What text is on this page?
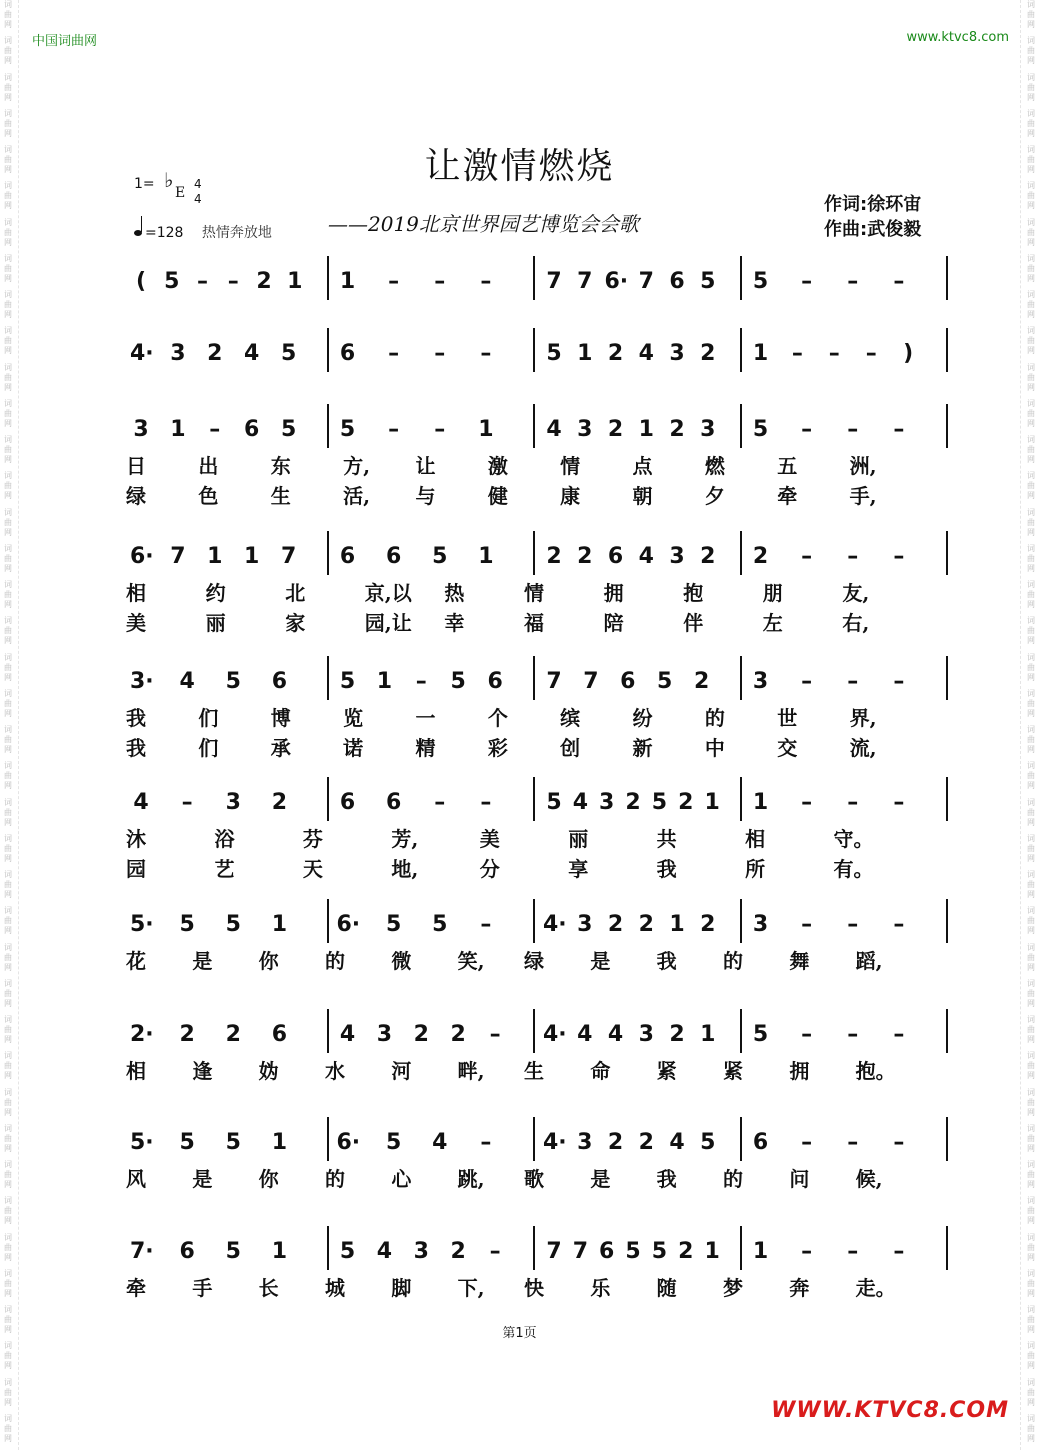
词
曲
网
词
曲
网
词
曲
网
词
曲
网
词
曲
网
词
曲
网
词
曲
网
词
曲
网
词
曲
网
词
曲
网
词
曲
网
词
曲
网
词
曲
网
词
曲
网
词
曲
网
词
曲
网
词
曲
网
词
曲
网
词
曲
网
词
曲
网
词
曲
网
词
曲
网
词
曲
网
词
曲
网
词
曲
网
词
曲
网
词
曲
网
词
曲
网
词
曲
网
词
曲
网
词
曲
网
词
曲
网
词
曲
网
词
曲
网
词
曲
网
词
曲
网
词
曲
网
词
曲
网
词
曲
网
词
曲
网
词
曲
网
词
曲
网
词
曲
网
词
曲
网
词
曲
网
词
曲
网
词
曲
网
词
曲
网
词
曲
网
词
曲
网
词
曲
网
词
曲
网
词
曲
网
词
曲
网
词
曲
网
词
曲
网
词
曲
网
词
曲
网
词
曲
网
词
曲
网
词
曲
网
词
曲
网
词
曲
网
词
曲
网
词
曲
网
词
曲
网
词
曲
网
词
曲
网
词
曲
网
词
曲
网
词
曲
网
词
曲
网
词
曲
网
词
曲
网
词
曲
网
词
曲
网
词
曲
网
词
曲
网
词
曲
网
词
曲
网
中国词曲网	www.ktvc8.com
让激情燃烧
——2019北京世界园艺博览会会歌
作词:徐环宙
作曲:武俊毅
1= ♭
E
4 4
=128 热情奔放地
( 5 – – 2 1 1 – – – 7 7 6· 7 6 5 5 – – –
4· 3 2 4 5 6 – – – 5 1 2 4 3 2 1 – – – )
3 1 – 6 5 5 – – 1 4 3 2 1 2 3 5 – – –
日	出	东	方, 让	激	情	点	燃	五	洲,
绿	色	生	活, 与	健	康	朝	夕	牵	手,
6· 7 1 1 7 6 6 5 1 2 2 6 4 3 2 2 – – –
相	约	北	京,以 热	情	拥	抱	朋	友,
美	丽	家	园,让 幸	福	陪	伴	左	右,
3· 4 5 6 5 1 – 5 6 7 7 6 5 2 3 – – –
我	们	博	览	一	个	缤	纷	的	世	界,
我	们	承	诺	精	彩	创	新	中	交	流,
4 – 3 2 6 6 – – 5 4 3 2 5 2 1 1 – – –
沐	浴	芬	芳,	美	丽	共	相	守。
园	艺	天	地,	分	享	我	所	有。
5· 5 5 1 6· 5 5 – 4· 3 2 2 1 2 3 – – –
花 是 你 的 微 笑, 绿 是 我 的 舞 蹈,
2· 2 2 6 4 3 2 2 – 4· 4 4 3 2 1 5 – – –
相 逢 妫 水 河 畔, 生 命 紧 紧 拥 抱。
5· 5 5 1 6· 5 4 – 4· 3 2 2 4 5 6 – – –
风 是 你 的 心 跳, 歌 是 我 的 问 候,
7· 6 5 1 5 4 3 2 – 7 7 6 5 5 2 1 1 – – –
牵 手 长 城 脚 下, 快 乐 随 梦 奔 走。
第1页
WWW.KTVC8.COM
